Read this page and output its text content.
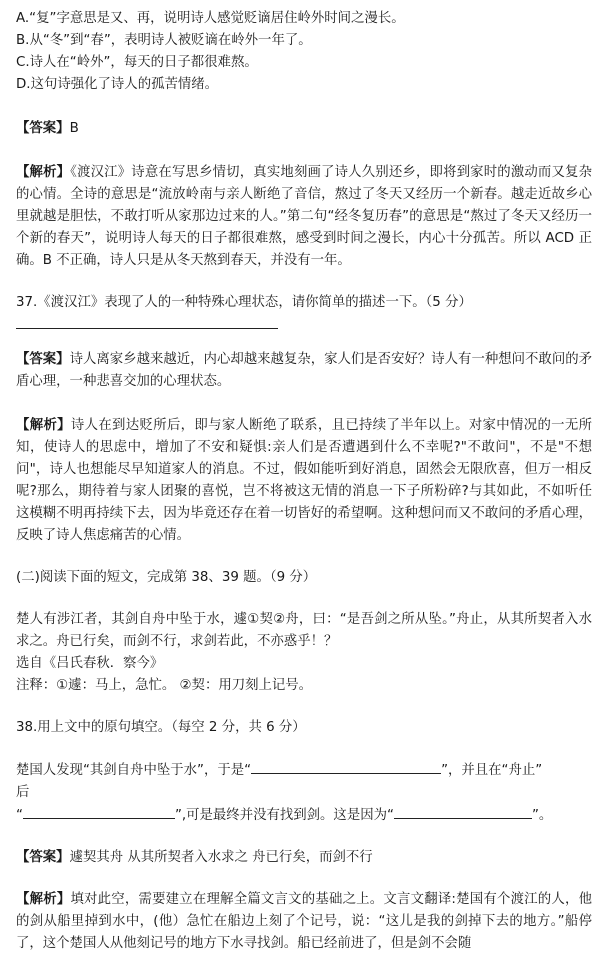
A.“复”字意思是又、再，说明诗人感觉贬谪居住岭外时间之漫长。

B.从“冬”到“春”，表明诗人被贬谪在岭外一年了。

C.诗人在“岭外”，每天的日子都很难熬。

D.这句诗强化了诗人的孤苦情绪。

【答案】B

【解析】《渡汉江》诗意在写思乡情切，真实地刻画了诗人久别还乡，即将到家时的激动而又复杂的心情。全诗的意思是“流放岭南与亲人断绝了音信，熬过了冬天又经历一个新春。越走近故乡心里就越是胆怯，不敢打听从家那边过来的人。”第二句“经冬复历春”的意思是“熬过了冬天又经历一个新的春天”，说明诗人每天的日子都很难熬，感受到时间之漫长，内心十分孤苦。所以 ACD 正确。B 不正确，诗人只是从冬天熬到春天，并没有一年。

37.《渡汉江》表现了人的一种特殊心理状态，请你简单的描述一下。（5 分）

【答案】诗人离家乡越来越近，内心却越来越复杂，家人们是否安好？诗人有一种想问不敢问的矛盾心理，一种悲喜交加的心理状态。

【解析】诗人在到达贬所后，即与家人断绝了联系，且已持续了半年以上。对家中情况的一无所知，使诗人的思虑中，增加了不安和疑惧:亲人们是否遭遇到什么不幸呢?"不敢问"，不是"不想问"，诗人也想能尽早知道家人的消息。不过，假如能听到好消息，固然会无限欣喜，但万一相反呢?那么，期待着与家人团聚的喜悦，岂不将被这无情的消息一下子所粉碎?与其如此，不如听任这模糊不明再持续下去，因为毕竟还存在着一切皆好的希望啊。这种想问而又不敢问的矛盾心理，反映了诗人焦虑痛苦的心情。

(二)阅读下面的短文，完成第 38、39 题。（9 分）

楚人有涉江者，其剑自舟中坠于水，遽①契②舟，曰：“是吾剑之所从坠。”舟止，从其所契者入水求之。舟已行矣，而剑不行，求剑若此，不亦惑乎！？

选自《吕氏春秋．察今》

注释：①遽：马上，急忙。 ②契：用刀刻上记号。

38.用上文中的原句填空。（每空 2 分，共 6 分）

楚国人发现“其剑自舟中坠于水”，于是“	”，并且在“舟止”

后

“	”,可是最终并没有找到剑。这是因为“	”。

【答案】遽契其舟 从其所契者入水求之 舟已行矣，而剑不行

【解析】填对此空，需要建立在理解全篇文言文的基础之上。文言文翻译:楚国有个渡江的人，他的剑从船里掉到水中，(他）急忙在船边上刻了个记号，说：“这儿是我的剑掉下去的地方。”船停了，这个楚国人从他刻记号的地方下水寻找剑。船已经前进了，但是剑不会随
